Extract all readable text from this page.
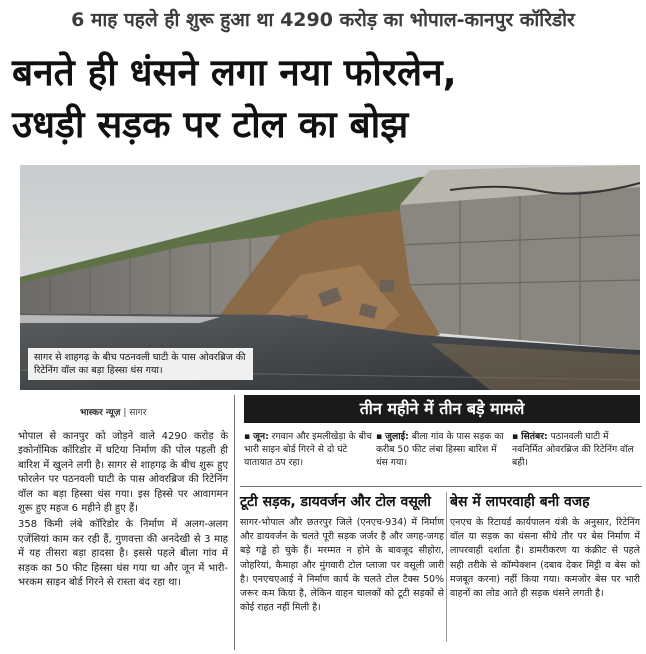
6 माह पहले ही शुरू हुआ था 4290 करोड़ का भोपाल-कानपुर कॉरिडोर
बनते ही धंसने लगा नया फोरलेन,
उधड़ी सड़क पर टोल का बोझ
सागर से शाहगढ़ के बीच पठनवली घाटी के पास ओवरब्रिज की रिटेनिंग वॉल का बड़ा हिस्सा धंस गया।
भास्कर न्यूज़ | सागर

भोपाल से कानपुर को जोड़ने वाले 4290 करोड़ के इकोनॉमिक कॉरिडोर में घटिया निर्माण की पोल पहली ही बारिश में खुलने लगी है। सागर से शाहगढ़ के बीच शुरू हुए फोरलेन पर पठनवली घाटी के पास ओवरब्रिज की रिटेनिंग वॉल का बड़ा हिस्सा धंस गया। इस हिस्से पर आवागमन शुरू हुए महज 6 महीने ही हुए हैं।

358 किमी लंबे कॉरिडोर के निर्माण में अलग-अलग एजेंसियां काम कर रही हैं, गुणवत्ता की अनदेखी से 3 माह में यह तीसरा बड़ा हादसा है। इससे पहले बीला गांव में सड़क का 50 फीट हिस्सा धंस गया था और जून में भारी-भरकम साइन बोर्ड गिरने से रास्ता बंद रहा था।

तीन महीने में तीन बड़े मामले
▪ जून: रगवान और इमलीखेड़ा के बीच भारी साइन बोर्ड गिरने से दो घंटे यातायात ठप रहा।
▪ जुलाई: बीला गांव के पास सड़क का करीब 50 फीट लंबा हिस्सा बारिश में धंस गया।
▪ सितंबर: पठानवली घाटी में नवनिर्मित ओवरब्रिज की रिटेनिंग वॉल बही।
टूटी सड़क, डायवर्जन और टोल वसूली

सागर-भोपाल और छतरपुर जिले (एनएच-934) में निर्माण और डायवर्जन के चलते पूरी सड़क जर्जर है और जगह-जगह बड़े गड्ढे हो चुके हैं। मरम्मत न होने के बावजूद सीहोरा, जोहरियां, कैमाहा और मुंगवारी टोल प्लाजा पर वसूली जारी है। एनएचएआई ने निर्माण कार्य के चलते टोल टैक्स 50% जरूर कम किया है, लेकिन वाहन चालकों को टूटी सड़कों से कोई राहत नहीं मिली है।

बेस में लापरवाही बनी वजह

एनएच के रिटायर्ड कार्यपालन यंत्री के अनुसार, रिटेनिंग वॉल या सड़क का धंसना सीधे तौर पर बेस निर्माण में लापरवाही दर्शाता है। डामरीकरण या कंक्रीट से पहले सही तरीके से कॉम्पेक्शन (दबाव देकर मिट्टी व बेस को मजबूत करना) नहीं किया गया। कमजोर बेस पर भारी वाहनों का लोड आते ही सड़क धंसने लगती है।
